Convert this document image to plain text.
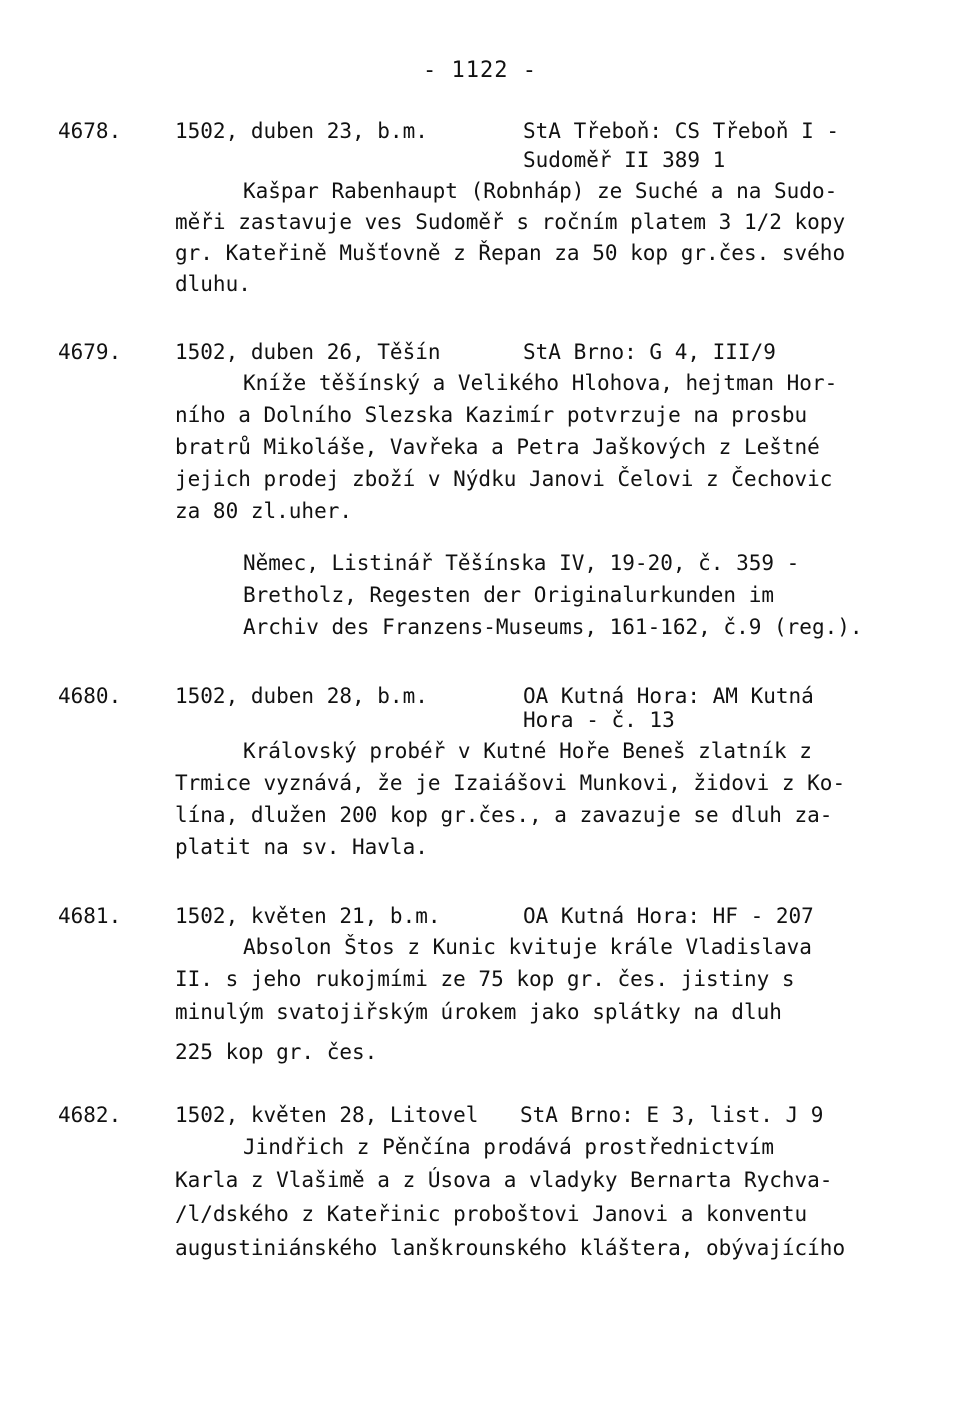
- 1122 -
4678.	1502, duben 23, b.m.	StA Třeboň: CS Třeboň I -
Sudoměř II 389 1
Kašpar Rabenhaupt (Robnháp) ze Suché a na Sudo-
měři zastavuje ves Sudoměř s ročním platem 3 1/2 kopy
gr. Kateřině Mušťovně z Řepan za 50 kop gr.čes. svého
dluhu.
4679.	1502, duben 26, Těšín	StA Brno: G 4, III/9
Kníže těšínský a Velikého Hlohova, hejtman Hor-
ního a Dolního Slezska Kazimír potvrzuje na prosbu
bratrů Mikoláše, Vavřeka a Petra Jaškových z Leštné
jejich prodej zboží v Nýdku Janovi Čelovi z Čechovic
za 80 zl.uher.
Němec, Listinář Těšínska IV, 19-20, č. 359 -
Bretholz, Regesten der Originalurkunden im
Archiv des Franzens-Museums, 161-162, č.9 (reg.).
4680.	1502, duben 28, b.m.	OA Kutná Hora: AM Kutná
Hora - č. 13
Královský probéř v Kutné Hoře Beneš zlatník z
Trmice vyznává, že je Izaiášovi Munkovi, židovi z Ko-
lína, dlužen 200 kop gr.čes., a zavazuje se dluh za-
platit na sv. Havla.
4681.	1502, květen 21, b.m.	OA Kutná Hora: HF - 207
Absolon Štos z Kunic kvituje krále Vladislava
II. s jeho rukojmími ze 75 kop gr. čes. jistiny s
minulým svatojiřským úrokem jako splátky na dluh
225 kop gr. čes.
4682.	1502, květen 28, Litovel StA Brno: E 3, list. J 9
Jindřich z Pěnčína prodává prostřednictvím
Karla z Vlašimě a z Úsova a vladyky Bernarta Rychva-
/l/dského z Kateřinic proboštovi Janovi a konventu
augustiniánského lanškrounského kláštera, obývajícího
